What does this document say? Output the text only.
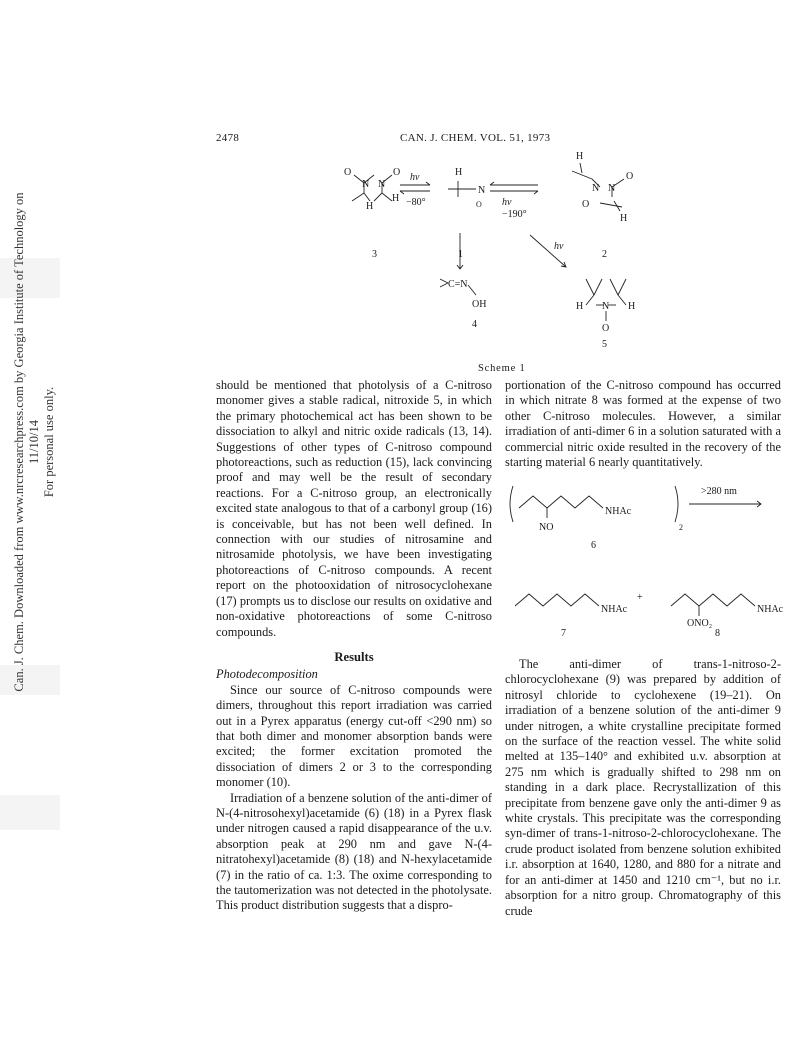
Can. J. Chem. Downloaded from www.nrcresearchpress.com by Georgia Institute of Technology on 11/10/14 For personal use only.
2478	CAN. J. CHEM. VOL. 51, 1973
O
N N
O
H
H
3
hν
−80°
H
N
O
1
hν
−190°
H
N N
O
O
H
2
hν
C=N
OH
4
H N H
O
5
Scheme 1

should be mentioned that photolysis of a C-nitroso monomer gives a stable radical, nitroxide 5, in which the primary photochemical act has been shown to be dissociation to alkyl and nitric oxide radicals (13, 14). Suggestions of other types of C-nitroso compound photoreactions, such as reduction (15), lack convincing proof and may well be the result of secondary reactions. For a C-nitroso group, an electronically excited state analogous to that of a carbonyl group (16) is conceivable, but has not been well defined. In connection with our studies of nitrosamine and nitrosamide photolysis, we have been investigating photoreactions of C-nitroso compounds. A recent report on the photooxidation of nitrosocyclohexane (17) prompts us to disclose our results on oxidative and non-oxidative photoreactions of some C-nitroso compounds.

Results
Photodecomposition

Since our source of C-nitroso compounds were dimers, throughout this report irradiation was carried out in a Pyrex apparatus (energy cut-off <290 nm) so that both dimer and monomer absorption bands were excited; the former excitation promoted the dissociation of dimers 2 or 3 to the corresponding monomer (10).

Irradiation of a benzene solution of the anti-dimer of N-(4-nitrosohexyl)acetamide (6) (18) in a Pyrex flask under nitrogen caused a rapid disappearance of the u.v. absorption peak at 290 nm and gave N-(4-nitratohexyl)acetamide (8) (18) and N-hexylacetamide (7) in the ratio of ca. 1:3. The oxime corresponding to the tautomerization was not detected in the photolysate. This product distribution suggests that a dispro-

portionation of the C-nitroso compound has occurred in which nitrate 8 was formed at the expense of two other C-nitroso molecules. However, a similar irradiation of anti-dimer 6 in a solution saturated with a commercial nitric oxide resulted in the recovery of the starting material 6 nearly quantitatively.

NHAc
NO	2
>280 nm
6
NHAc
+
NHAc
ONO₂
7	8

The anti-dimer of trans-1-nitroso-2-chlorocyclohexane (9) was prepared by addition of nitrosyl chloride to cyclohexene (19–21). On irradiation of a benzene solution of the anti-dimer 9 under nitrogen, a white crystalline precipitate formed on the surface of the reaction vessel. The white solid melted at 135–140° and exhibited u.v. absorption at 275 nm which is gradually shifted to 298 nm on standing in a dark place. Recrystallization of this precipitate from benzene gave only the anti-dimer 9 as white crystals. This precipitate was the corresponding syn-dimer of trans-1-nitroso-2-chlorocyclohexane. The crude product isolated from benzene solution exhibited i.r. absorption at 1640, 1280, and 880 for a nitrate and for an anti-dimer at 1450 and 1210 cm⁻¹, but no i.r. absorption for a nitro group. Chromatography of this crude
